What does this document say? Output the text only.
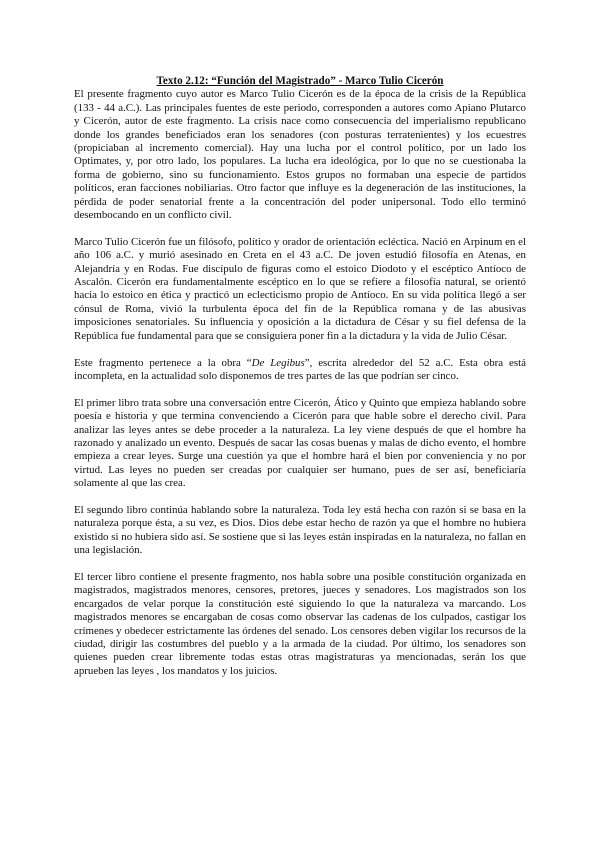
Texto 2.12: “Función del Magistrado” - Marco Tulio Cicerón

El presente fragmento cuyo autor es Marco Tulio Cicerón es de la época de la crisis de la República (133 - 44 a.C.). Las principales fuentes de este periodo, corresponden a autores como Apiano Plutarco y Cicerón, autor de este fragmento. La crisis nace como consecuencia del imperialismo republicano donde los grandes beneficiados eran los senadores (con posturas terratenientes) y los ecuestres (propiciaban al incremento comercial). Hay una lucha por el control político, por un lado los Optimates, y, por otro lado, los populares. La lucha era ideológica, por lo que no se cuestionaba la forma de gobierno, sino su funcionamiento. Estos grupos no formaban una especie de partidos políticos, eran facciones nobiliarias. Otro factor que influye es la degeneración de las instituciones, la pérdida de poder senatorial frente a la concentración del poder unipersonal. Todo ello terminó desembocando en un conflicto civil.

Marco Tulio Cicerón fue un filósofo, político y orador de orientación ecléctica. Nació en Arpinum en el año 106 a.C. y murió asesinado en Creta en el 43 a.C. De joven estudió filosofía en Atenas, en Alejandría y en Rodas. Fue discípulo de figuras como el estoico Diodoto y el escéptico Antíoco de Ascalón. Cicerón era fundamentalmente escéptico en lo que se refiere a filosofía natural, se orientó hacia lo estoico en ética y practicó un eclecticismo propio de Antíoco. En su vida política llegó a ser cónsul de Roma, vivió la turbulenta época del fin de la República romana y de las abusivas imposiciones senatoriales. Su influencia y oposición a la dictadura de César y su fiel defensa de la República fue fundamental para que se consiguiera poner fin a la dictadura y la vida de Julio César.

Este fragmento pertenece a la obra “De Legibus”, escrita alrededor del 52 a.C. Esta obra está incompleta, en la actualidad solo disponemos de tres partes de las que podrían ser cinco.

El primer libro trata sobre una conversación entre Cicerón, Ático y Quinto que empieza hablando sobre poesía e historia y que termina convenciendo a Cicerón para que hable sobre el derecho civil. Para analizar las leyes antes se debe proceder a la naturaleza. La ley viene después de que el hombre ha razonado y analizado un evento. Después de sacar las cosas buenas y malas de dicho evento, el hombre empieza a crear leyes. Surge una cuestión ya que el hombre hará el bien por conveniencia y no por virtud. Las leyes no pueden ser creadas por cualquier ser humano, pues de ser así, beneficiaría solamente al que las crea.

El segundo libro continúa hablando sobre la naturaleza. Toda ley está hecha con razón si se basa en la naturaleza porque ésta, a su vez, es Dios. Dios debe estar hecho de razón ya que el hombre no hubiera existido si no hubiera sido así. Se sostiene que si las leyes están inspiradas en la naturaleza, no fallan en una legislación.

El tercer libro contiene el presente fragmento, nos habla sobre una posible constitución organizada en magistrados, magistrados menores, censores, pretores, jueces y senadores. Los magistrados son los encargados de velar porque la constitución esté siguiendo lo que la naturaleza va marcando. Los magistrados menores se encargaban de cosas como observar las cadenas de los culpados, castigar los crímenes y obedecer estrictamente las órdenes del senado. Los censores deben vigilar los recursos de la ciudad, dirigir las costumbres del pueblo y a la armada de la ciudad. Por último, los senadores son quienes pueden crear libremente todas estas otras magistraturas ya mencionadas, serán los que aprueben las leyes , los mandatos y los juicios.
